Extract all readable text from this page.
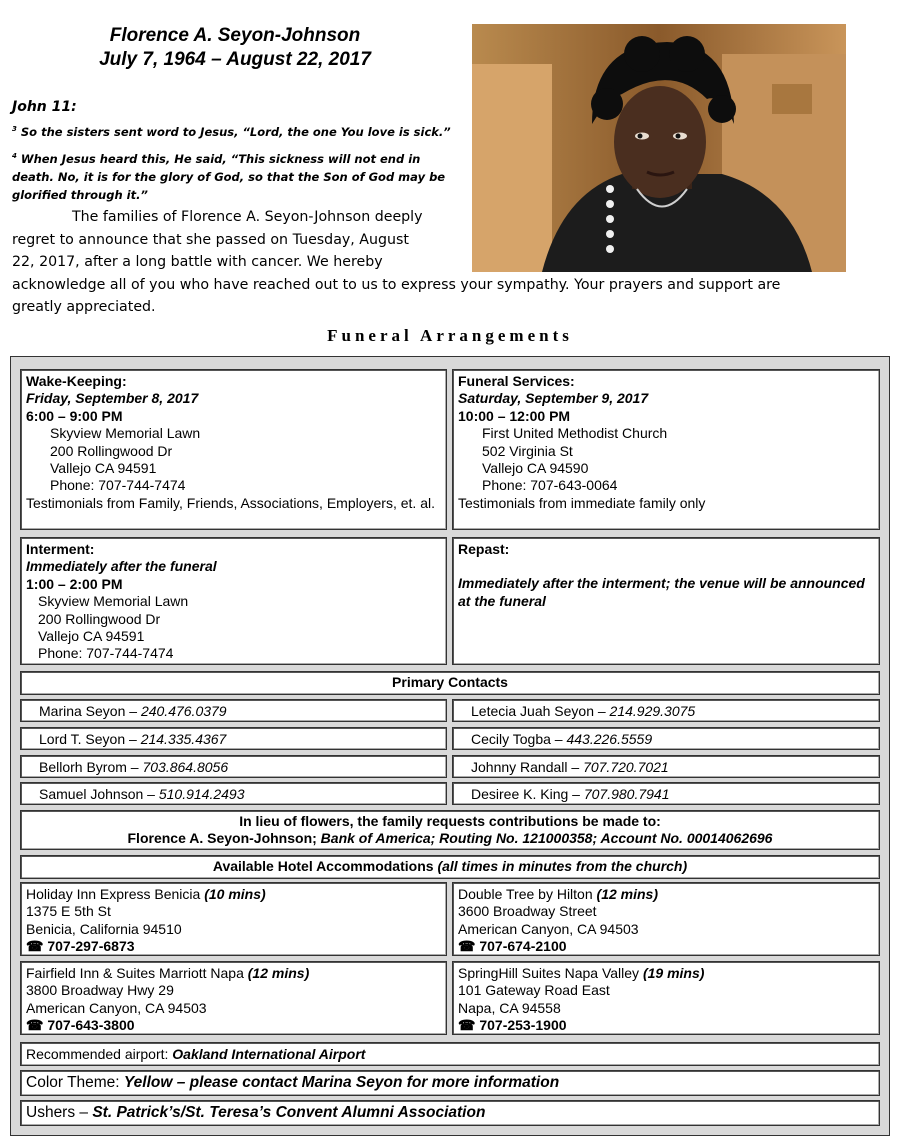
Florence A. Seyon-Johnson
July 7, 1964 – August 22, 2017
John 11:
$^3$ So the sisters sent word to Jesus, “Lord, the one You love is sick.”
$^4$ When Jesus heard this, He said, “This sickness will not end in death. No, it is for the glory of God, so that the Son of God may be glorified through it.”
The families of Florence A. Seyon-Johnson deeply
regret to announce that she passed on Tuesday, August
22, 2017, after a long battle with cancer. We hereby
acknowledge all of you who have reached out to us to express your sympathy. Your prayers and support are
greatly appreciated.
Funeral Arrangements
Wake-Keeping:
Friday, September 8, 2017
6:00 – 9:00 PM
Skyview Memorial Lawn
200 Rollingwood Dr
Vallejo CA 94591
Phone: 707-744-7474
Testimonials from Family, Friends, Associations, Employers, et. al.
Funeral Services:
Saturday, September 9, 2017
10:00 – 12:00 PM
First United Methodist Church
502 Virginia St
Vallejo CA 94590
Phone: 707-643-0064
Testimonials from immediate family only
Interment:
Immediately after the funeral
1:00 – 2:00 PM
Skyview Memorial Lawn
200 Rollingwood Dr
Vallejo CA 94591
Phone: 707-744-7474
Repast:
Immediately after the interment; the venue will be announced at the funeral
Primary Contacts
Marina Seyon – 240.476.0379	Letecia Juah Seyon – 214.929.3075
Lord T. Seyon – 214.335.4367	Cecily Togba – 443.226.5559
Bellorh Byrom – 703.864.8056	Johnny Randall – 707.720.7021
Samuel Johnson – 510.914.2493	Desiree K. King – 707.980.7941
In lieu of flowers, the family requests contributions be made to:
Florence A. Seyon-Johnson; Bank of America; Routing No. 121000358; Account No. 00014062696
Available Hotel Accommodations (all times in minutes from the church)
Holiday Inn Express Benicia (10 mins)
1375 E 5th St
Benicia, California 94510
☎ 707-297-6873
Double Tree by Hilton (12 mins)
3600 Broadway Street
American Canyon, CA 94503
☎ 707-674-2100
Fairfield Inn & Suites Marriott Napa (12 mins)
3800 Broadway Hwy 29
American Canyon, CA 94503
☎ 707-643-3800
SpringHill Suites Napa Valley (19 mins)
101 Gateway Road East
Napa, CA 94558
☎ 707-253-1900
Recommended airport: Oakland International Airport
Color Theme: Yellow – please contact Marina Seyon for more information
Ushers – St. Patrick’s/St. Teresa’s Convent Alumni Association
